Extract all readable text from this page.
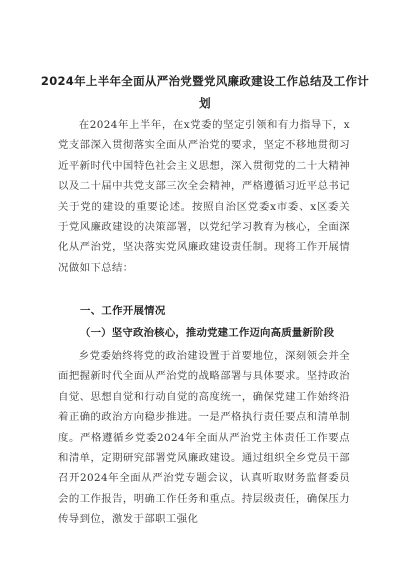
2024年上半年全面从严治党暨党风廉政建设工作总结及工作计划

在2024年上半年，在x党委的坚定引领和有力指导下，x党支部深入贯彻落实全面从严治党的要求，坚定不移地贯彻习近平新时代中国特色社会主义思想，深入贯彻党的二十大精神以及二十届中共党支部三次全会精神，严格遵循习近平总书记关于党的建设的重要论述。按照自治区党委x市委、x区委关于党风廉政建设的决策部署，以党纪学习教育为核心，全面深化从严治党，坚决落实党风廉政建设责任制。现将工作开展情况做如下总结：

一、工作开展情况
（一）坚守政治核心，推动党建工作迈向高质量新阶段

乡党委始终将党的政治建设置于首要地位，深刻领会并全面把握新时代全面从严治党的战略部署与具体要求。坚持政治自觉、思想自觉和行动自觉的高度统一，确保党建工作始终沿着正确的政治方向稳步推进。一是严格执行责任要点和清单制度。严格遵循乡党委2024年全面从严治党主体责任工作要点和清单，定期研究部署党风廉政建设。通过组织全乡党员干部召开2024年全面从严治党专题会议，认真听取财务监督委员会的工作报告，明确工作任务和重点。持层级责任，确保压力传导到位，激发于部职工强化
